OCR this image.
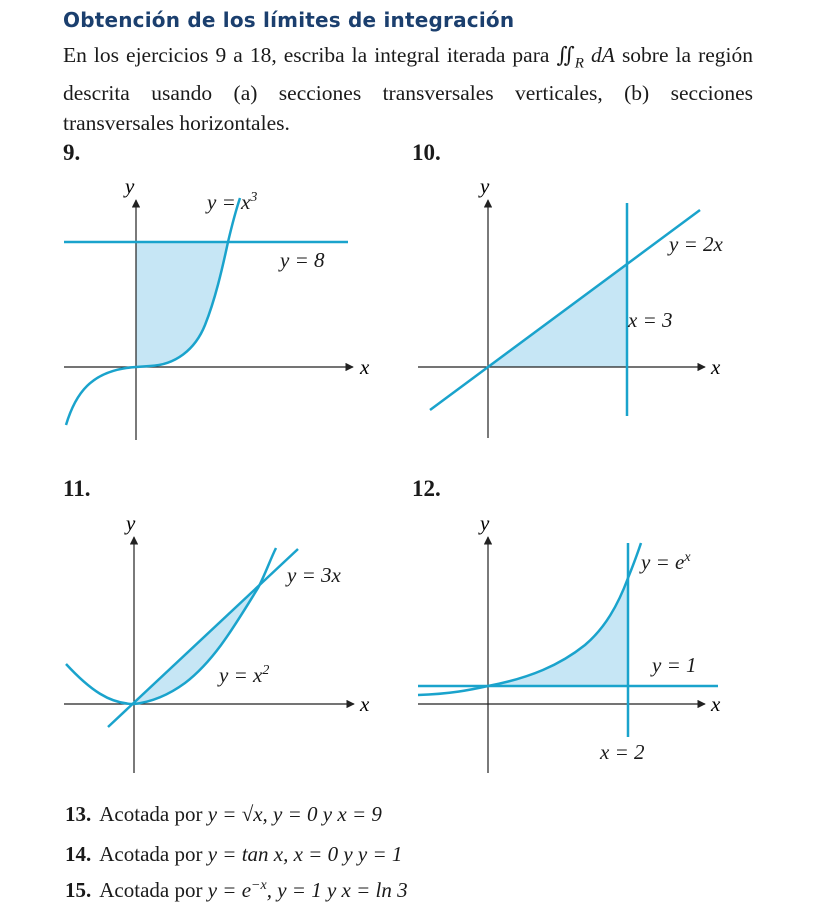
Obtención de los límites de integración
En los ejercicios 9 a 18, escriba la integral iterada para $∬_R$ dA sobre la región descrita usando (a) secciones transversales verticales, (b) secciones transversales horizontales.
9.	10.
11.	12.
y
x
$y = x^3$
y = 8
y
x
y = 2x
x = 3
y
x
y = 3x
$y = x^2$
y
x
$y = e^x$
y = 1
x = 2
13. Acotada por y = √x, y = 0 y x = 9
14. Acotada por y = tan x, x = 0 y y = 1
15. Acotada por $y = e^{-x}$, y = 1 y x = ln 3
